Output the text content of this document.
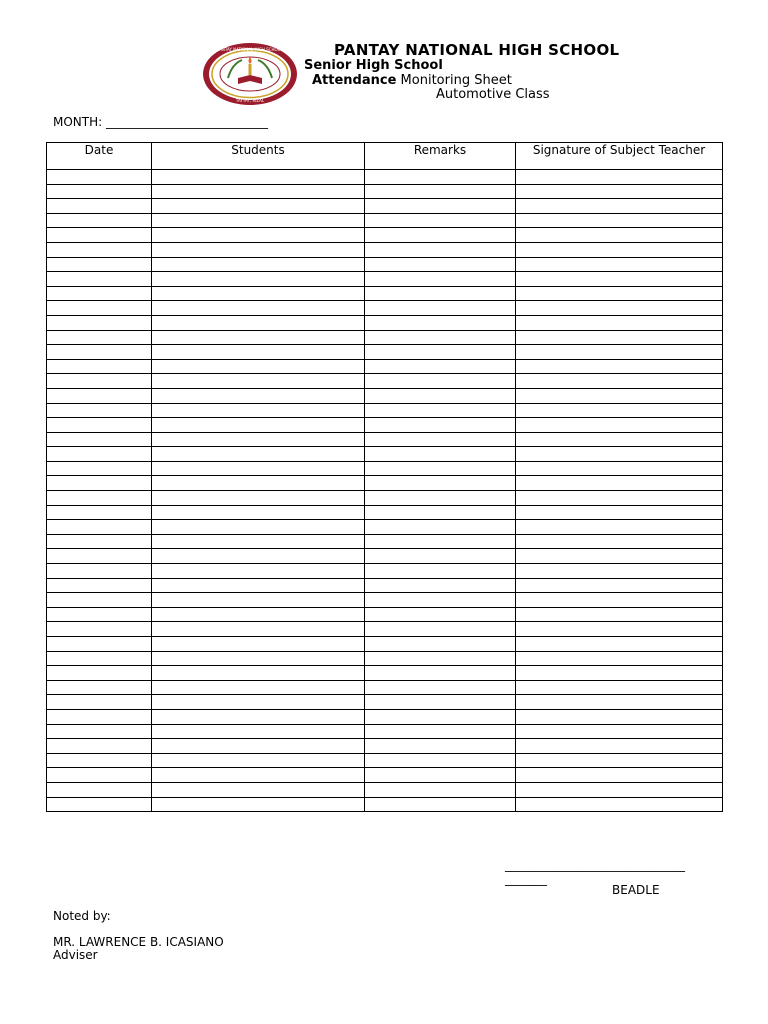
PANTAY NATIONAL HIGH SCHOOL
TAYTAY, RIZAL
PANTAY NATIONAL HIGH SCHOOL
Senior High School
Attendance Monitoring Sheet
Automotive Class
MONTH: ___________________________
Date	Students	Remarks	Signature of Subject Teacher

______________________________
_______
BEADLE
Noted by:
MR. LAWRENCE B. ICASIANO
Adviser
